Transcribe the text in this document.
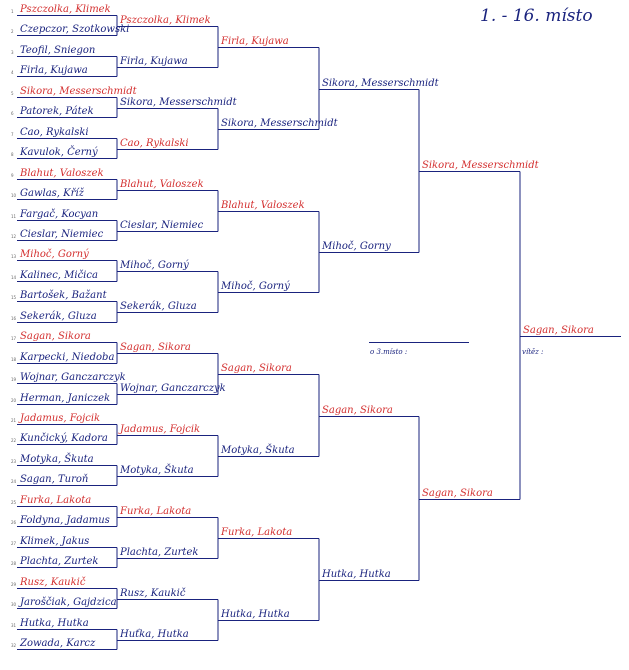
Pszczolka, Klimek
1
Czepczor, Szotkowski
2
Teofil, Sniegon
3
Firla, Kujawa
4
Sikora, Messerschmidt
5
Patorek, Pátek
6
Cao, Rykalski
7
Kavulok, Černý
8
Blahut, Valoszek
9
Gawlas, Kříž
10
Fargač, Kocyan
11
Cieslar, Niemiec
12
Mihoč, Gorný
13
Kalinec, Mičica
14
Bartošek, Bažant
15
Sekerák, Gluza
16
Sagan, Sikora
17
Karpecki, Niedoba
18
Wojnar, Ganczarczyk
19
Herman, Janiczek
20
Jadamus, Fojcik
21
Kunčický, Kadora
22
Motyka, Škuta
23
Sagan, Turoň
24
Furka, Lakota
25
Foldyna, Jadamus
26
Klimek, Jakus
27
Plachta, Zurtek
28
Rusz, Kaukič
29
Jaroščiak, Gajdzica
30
Hutka, Hutka
31
Zowada, Karcz
32
Pszczolka, Klimek
Firla, Kujawa
Sikora, Messerschmidt
Cao, Rykalski
Blahut, Valoszek
Cieslar, Niemiec
Mihoč, Gorný
Sekerák, Gluza
Sagan, Sikora
Wojnar, Ganczarczyk
Jadamus, Fojcik
Motyka, Škuta
Furka, Lakota
Plachta, Zurtek
Rusz, Kaukič
Huťka, Hutka
Firla, Kujawa
Sikora, Messerschmidt
Blahut, Valoszek
Mihoč, Gorný
Sagan, Sikora
Motyka, Škuta
Furka, Lakota
Hutka, Hutka
Sikora, Messerschmidt
Mihoč, Gorny
Sagan, Sikora
Hutka, Hutka
Sikora, Messerschmidt
Sagan, Sikora
Sagan, Sikora
1. - 16. místo
o 3.místo :	vítěz :
